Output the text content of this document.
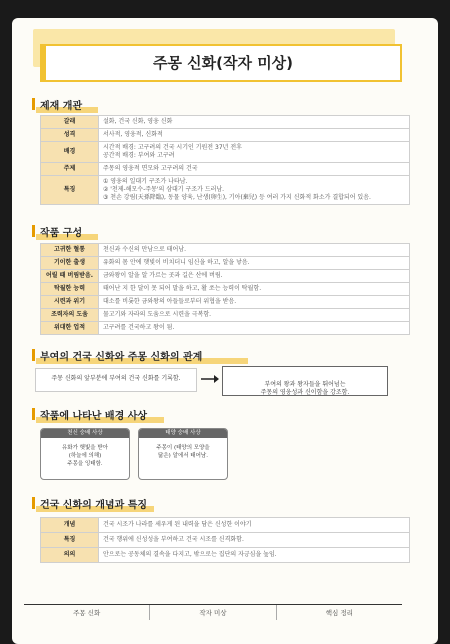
주몽 신화(작자 미상)
제재 개관
갈래	설화, 건국 신화, 영웅 신화
성격	서사적, 영웅적, 신화적
배경	시간적 배경: 고구려의 건국 시기인 기원전 37년 전후
공간적 배경: 부여와 고구려
주제	주몽의 영웅적 면모와 고구려의 건국
특징	① 영웅의 일대기 구조가 나타남.
② '천제-해모수-주몽'의 삼대기 구조가 드러남.
③ 천손 강림(天孫降臨), 동물 양육, 난생(卵生), 기아(棄兒) 등 여러 가지 신화적 화소가 결합되어 있음.
작품 구성
고귀한 혈통	천신과 수신의 만남으로 태어남.
기이한 출생	유화의 몸 안에 햇빛이 비치더니 임신을 하고, 알을 낳음.
어릴 때 버림받음.	금와왕이 알을 알 가르는 곳과 길은 산에 버림.
탁월한 능력	태어난 지 한 달이 못 되어 말을 하고, 활 쏘는 능력이 탁월함.
시련과 위기	대소를 비롯한 금와왕의 아들들로부터 위협을 받음.
조력자의 도움	물고기와 자라의 도움으로 시련을 극복함.
위대한 업적	고구려를 건국하고 왕이 됨.
부여의 건국 신화와 주몽 신화의 관계
주몽 신화의 앞부분에 부여의 건국 신화를 기록함.

부여의 왕과 왕자들을 뛰어넘는
주몽의 영웅성과 신이함을 강조함.

작품에 나타난 배경 사상
천신 숭배 사상
유화가 햇빛을 받아
(하늘에 의해)
주몽을 잉태함.
태양 숭배 사상
주몽이 (태양의 모양을
닮은) 알에서 태어남.
건국 신화의 개념과 특징
개념	건국 시조가 나라를 세우게 된 내력을 담은 신성한 이야기
특징	건국 행위에 신성성을 부여하고 건국 시조를 신격화함.
의의	안으로는 공동체의 결속을 다지고, 밖으로는 집단의 자긍심을 높임.
주몽 신화	작자 미상	핵심 정리
